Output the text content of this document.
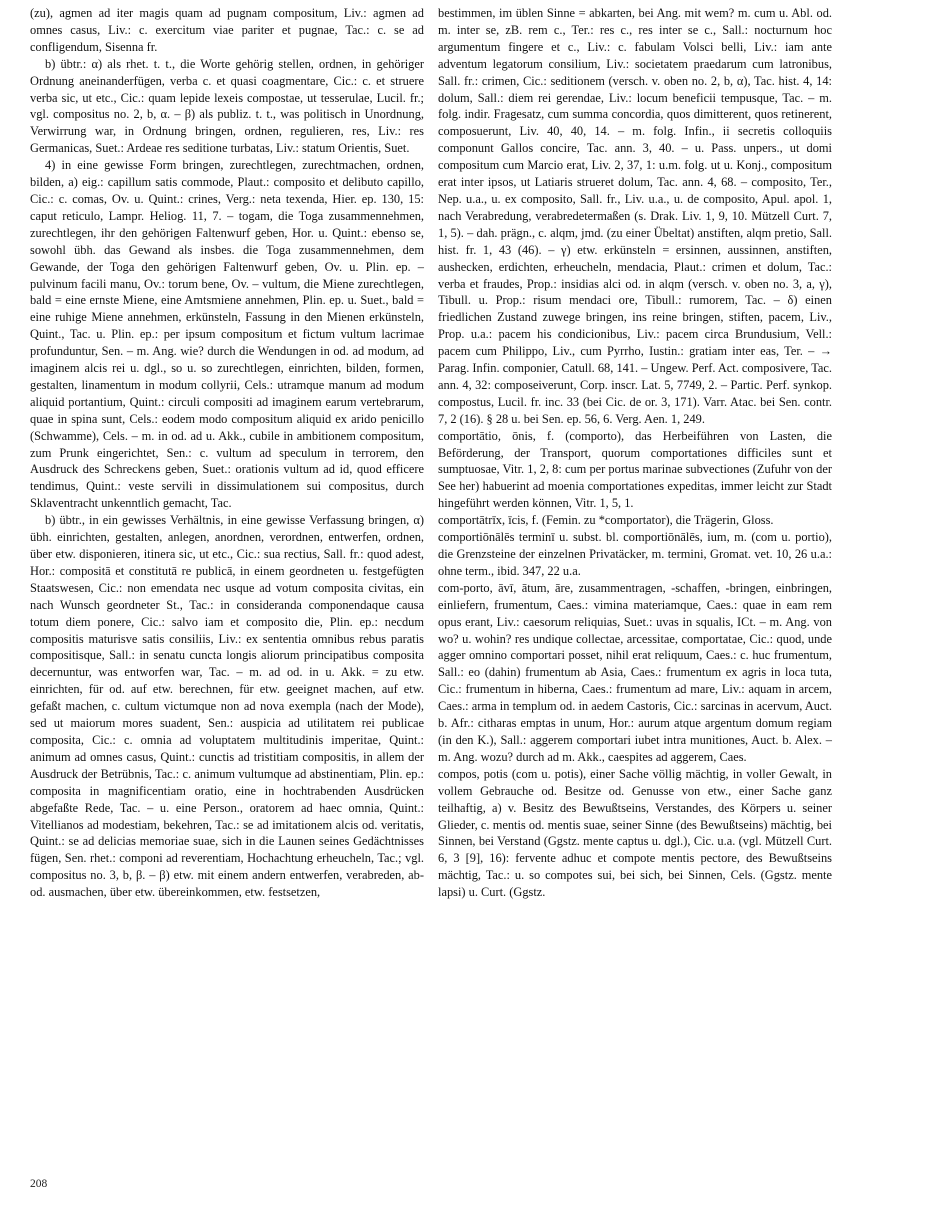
(zu), agmen ad iter magis quam ad pugnam compositum, Liv.: agmen ad omnes casus, Liv.: c. exercitum viae pariter et pugnae, Tac.: c. se ad confligendum, Sisenna fr.

b) übtr.: α) als rhet. t. t., die Worte gehörig stellen, ordnen, in gehöriger Ordnung aneinanderfügen, verba c. et quasi coagmentare, Cic.: c. et struere verba sic, ut etc., Cic.: quam lepide lexeis compostae, ut tesserulae, Lucil. fr.; vgl. compositus no. 2, b, α. – β) als publiz. t. t., was politisch in Unordnung, Verwirrung war, in Ordnung bringen, ordnen, regulieren, res, Liv.: res Germanicas, Suet.: Ardeae res seditione turbatas, Liv.: statum Orientis, Suet.

4) in eine gewisse Form bringen, zurechtlegen, zurechtmachen, ordnen, bilden, a) eig.: capillum satis commode, Plaut.: composito et delibuto capillo, Cic.: c. comas, Ov. u. Quint.: crines, Verg.: neta texenda, Hier. ep. 130, 15: caput reticulo, Lampr. Heliog. 11, 7. – togam, die Toga zusammennehmen, zurechtlegen, ihr den gehörigen Faltenwurf geben, Hor. u. Quint.: ebenso se, sowohl übh. das Gewand als insbes. die Toga zusammennehmen, dem Gewande, der Toga den gehörigen Faltenwurf geben, Ov. u. Plin. ep. – pulvinum facili manu, Ov.: torum bene, Ov. – vultum, die Miene zurechtlegen, bald = eine ernste Miene, eine Amtsmiene annehmen, Plin. ep. u. Suet., bald = eine ruhige Miene annehmen, erkünsteln, Fassung in den Mienen erkünsteln, Quint., Tac. u. Plin. ep.: per ipsum compositum et fictum vultum lacrimae profunduntur, Sen. – m. Ang. wie? durch die Wendungen in od. ad modum, ad imaginem alcis rei u. dgl., so u. so zurechtlegen, einrichten, bilden, formen, gestalten, linamentum in modum collyrii, Cels.: utramque manum ad modum aliquid portantium, Quint.: circuli compositi ad imaginem earum vertebrarum, quae in spina sunt, Cels.: eodem modo compositum aliquid ex arido penicillo (Schwamme), Cels. – m. in od. ad u. Akk., cubile in ambitionem compositum, zum Prunk eingerichtet, Sen.: c. vultum ad speculum in terrorem, den Ausdruck des Schreckens geben, Suet.: orationis vultum ad id, quod efficere tendimus, Quint.: veste servili in dissimulationem sui compositus, durch Sklaventracht unkenntlich gemacht, Tac.

b) übtr., in ein gewisses Verhältnis, in eine gewisse Verfassung bringen, α) übh. einrichten, gestalten, anlegen, anordnen, verordnen, entwerfen, ordnen, über etw. disponieren, itinera sic, ut etc., Cic.: sua rectius, Sall. fr.: quod adest, Hor.: compositā et constitutā re publicā, in einem geordneten u. festgefügten Staatswesen, Cic.: non emendata nec usque ad votum composita civitas, ein nach Wunsch geordneter St., Tac.: in consideranda componendaque causa totum diem ponere, Cic.: salvo iam et composito die, Plin. ep.: necdum compositis maturisve satis consiliis, Liv.: ex sententia omnibus rebus paratis compositisque, Sall.: in senatu cuncta longis aliorum principatibus composita decernuntur, was entworfen war, Tac. – m. ad od. in u. Akk. = zu etw. einrichten, für od. auf etw. berechnen, für etw. geeignet machen, auf etw. gefaßt machen, c. cultum victumque non ad nova exempla (nach der Mode), sed ut maiorum mores suadent, Sen.: auspicia ad utilitatem rei publicae composita, Cic.: c. omnia ad voluptatem multitudinis imperitae, Quint.: animum ad omnes casus, Quint.: cunctis ad tristitiam compositis, in allem der Ausdruck der Betrübnis, Tac.: c. animum vultumque ad abstinentiam, Plin. ep.: composita in magnificentiam oratio, eine in hochtrabenden Ausdrücken abgefaßte Rede, Tac. – u. eine Person., oratorem ad haec omnia, Quint.: Vitellianos ad modestiam, bekehren, Tac.: se ad imitationem alcis od. veritatis, Quint.: se ad delicias memoriae suae, sich in die Launen seines Gedächtnisses fügen, Sen. rhet.: componi ad reverentiam, Hochachtung erheucheln, Tac.; vgl. compositus no. 3, b, β. – β) etw. mit einem andern entwerfen, verabreden, ab- od. ausmachen, über etw. übereinkommen, etw. festsetzen,

bestimmen, im üblen Sinne = abkarten, bei Ang. mit wem? m. cum u. Abl. od. m. inter se, zB. rem c., Ter.: res c., res inter se c., Sall.: nocturnum hoc argumentum fingere et c., Liv.: c. fabulam Volsci belli, Liv.: iam ante adventum legatorum consilium, Liv.: societatem praedarum cum latronibus, Sall. fr.: crimen, Cic.: seditionem (versch. v. oben no. 2, b, α), Tac. hist. 4, 14: dolum, Sall.: diem rei gerendae, Liv.: locum beneficii tempusque, Tac. – m. folg. indir. Fragesatz, cum summa concordia, quos dimitterent, quos retinerent, composuerunt, Liv. 40, 40, 14. – m. folg. Infin., ii secretis colloquiis componunt Gallos concire, Tac. ann. 3, 40. – u. Pass. unpers., ut domi compositum cum Marcio erat, Liv. 2, 37, 1: u.m. folg. ut u. Konj., compositum erat inter ipsos, ut Latiaris strueret dolum, Tac. ann. 4, 68. – composito, Ter., Nep. u.a., u. ex composito, Sall. fr., Liv. u.a., u. de composito, Apul. apol. 1, nach Verabredung, verabredetermaßen (s. Drak. Liv. 1, 9, 10. Mützell Curt. 7, 1, 5). – dah. prägn., c. alqm, jmd. (zu einer Übeltat) anstiften, alqm pretio, Sall. hist. fr. 1, 43 (46). – γ) etw. erkünsteln = ersinnen, aussinnen, anstiften, aushecken, erdichten, erheucheln, mendacia, Plaut.: crimen et dolum, Tac.: verba et fraudes, Prop.: insidias alci od. in alqm (versch. v. oben no. 3, a, γ), Tibull. u. Prop.: risum mendaci ore, Tibull.: rumorem, Tac. – δ) einen friedlichen Zustand zuwege bringen, ins reine bringen, stiften, pacem, Liv., Prop. u.a.: pacem his condicionibus, Liv.: pacem circa Brundusium, Vell.: pacem cum Philippo, Liv., cum Pyrrho, Iustin.: gratiam inter eas, Ter. – → Parag. Infin. componier, Catull. 68, 141. – Ungew. Perf. Act. composivere, Tac. ann. 4, 32: composeiverunt, Corp. inscr. Lat. 5, 7749, 2. – Partic. Perf. synkop. compostus, Lucil. fr. inc. 33 (bei Cic. de or. 3, 171). Varr. Atac. bei Sen. contr. 7, 2 (16). § 28 u. bei Sen. ep. 56, 6. Verg. Aen. 1, 249.

comportātio, ōnis, f. (comporto), das Herbeiführen von Lasten, die Beförderung, der Transport, quorum comportationes difficiles sunt et sumptuosae, Vitr. 1, 2, 8: cum per portus marinae subvectiones (Zufuhr von der See her) habuerint ad moenia comportationes expeditas, immer leicht zur Stadt hingeführt werden können, Vitr. 1, 5, 1.

comportātrīx, īcis, f. (Femin. zu *comportator), die Trägerin, Gloss.

comportiōnālēs terminī u. subst. bl. comportiōnālēs, ium, m. (com u. portio), die Grenzsteine der einzelnen Privatäcker, m. termini, Gromat. vet. 10, 26 u.a.: ohne term., ibid. 347, 22 u.a.

com-porto, āvī, ātum, āre, zusammentragen, -schaffen, -bringen, einbringen, einliefern, frumentum, Caes.: vimina materiamque, Caes.: quae in eam rem opus erant, Liv.: caesorum reliquias, Suet.: uvas in squalis, ICt. – m. Ang. von wo? u. wohin? res undique collectae, arcessitae, comportatae, Cic.: quod, unde agger omnino comportari posset, nihil erat reliquum, Caes.: c. huc frumentum, Sall.: eo (dahin) frumentum ab Asia, Caes.: frumentum ex agris in loca tuta, Cic.: frumentum in hiberna, Caes.: frumentum ad mare, Liv.: aquam in arcem, Caes.: arma in templum od. in aedem Castoris, Cic.: sarcinas in acervum, Auct. b. Afr.: citharas emptas in unum, Hor.: aurum atque argentum domum regiam (in den K.), Sall.: aggerem comportari iubet intra munitiones, Auct. b. Alex. – m. Ang. wozu? durch ad m. Akk., caespites ad aggerem, Caes.

compos, potis (com u. potis), einer Sache völlig mächtig, in voller Gewalt, in vollem Gebrauche od. Besitze od. Genusse von etw., einer Sache ganz teilhaftig, a) v. Besitz des Bewußtseins, Verstandes, des Körpers u. seiner Glieder, c. mentis od. mentis suae, seiner Sinne (des Bewußtseins) mächtig, bei Sinnen, bei Verstand (Ggstz. mente captus u. dgl.), Cic. u.a. (vgl. Mützell Curt. 6, 3 [9], 16): fervente adhuc et compote mentis pectore, des Bewußtseins mächtig, Tac.: u. so compotes sui, bei sich, bei Sinnen, Cels. (Ggstz. mente lapsi) u. Curt. (Ggstz.

208
